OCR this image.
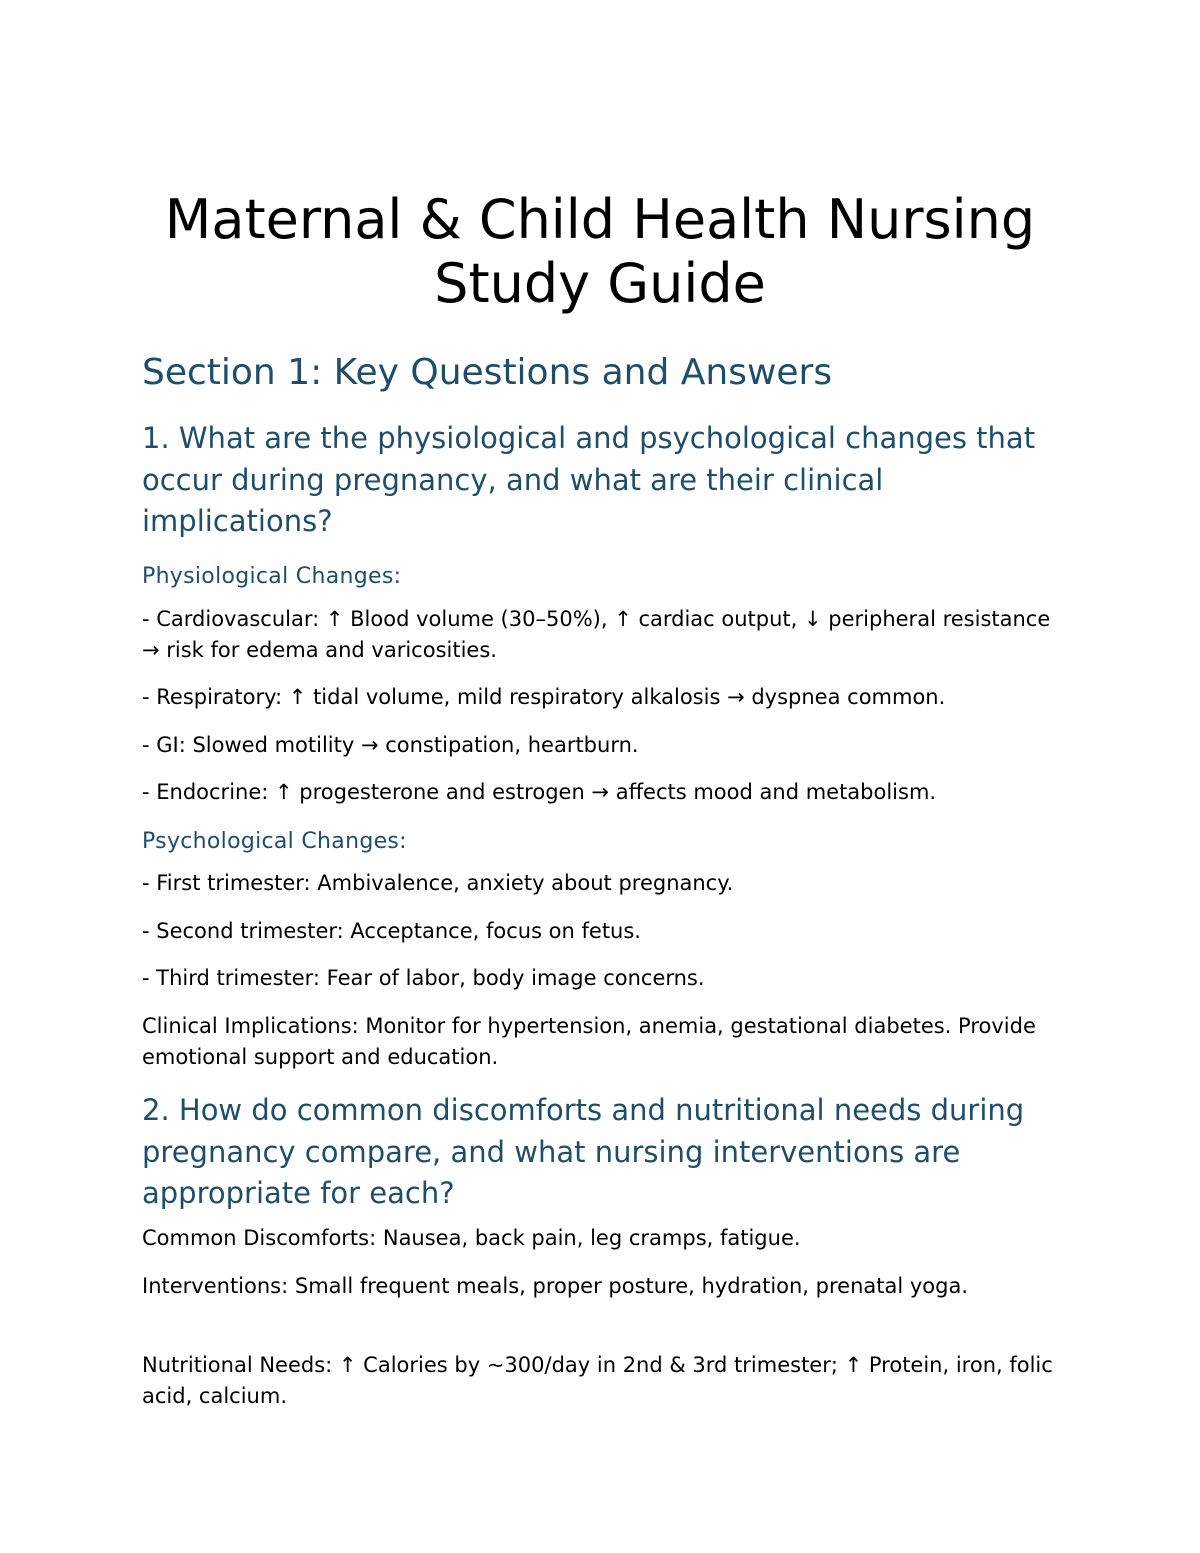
Maternal & Child Health Nursing
Study Guide
Section 1: Key Questions and Answers
1. What are the physiological and psychological changes that occur during pregnancy, and what are their clinical implications?
Physiological Changes:

- Cardiovascular: ↑ Blood volume (30–50%), ↑ cardiac output, ↓ peripheral resistance → risk for edema and varicosities.

- Respiratory: ↑ tidal volume, mild respiratory alkalosis → dyspnea common.

- GI: Slowed motility → constipation, heartburn.

- Endocrine: ↑ progesterone and estrogen → affects mood and metabolism.

Psychological Changes:

- First trimester: Ambivalence, anxiety about pregnancy.

- Second trimester: Acceptance, focus on fetus.

- Third trimester: Fear of labor, body image concerns.

Clinical Implications: Monitor for hypertension, anemia, gestational diabetes. Provide emotional support and education.

2. How do common discomforts and nutritional needs during pregnancy compare, and what nursing interventions are appropriate for each?

Common Discomforts: Nausea, back pain, leg cramps, fatigue.

Interventions: Small frequent meals, proper posture, hydration, prenatal yoga.

Nutritional Needs: ↑ Calories by ~300/day in 2nd & 3rd trimester; ↑ Protein, iron, folic acid, calcium.
